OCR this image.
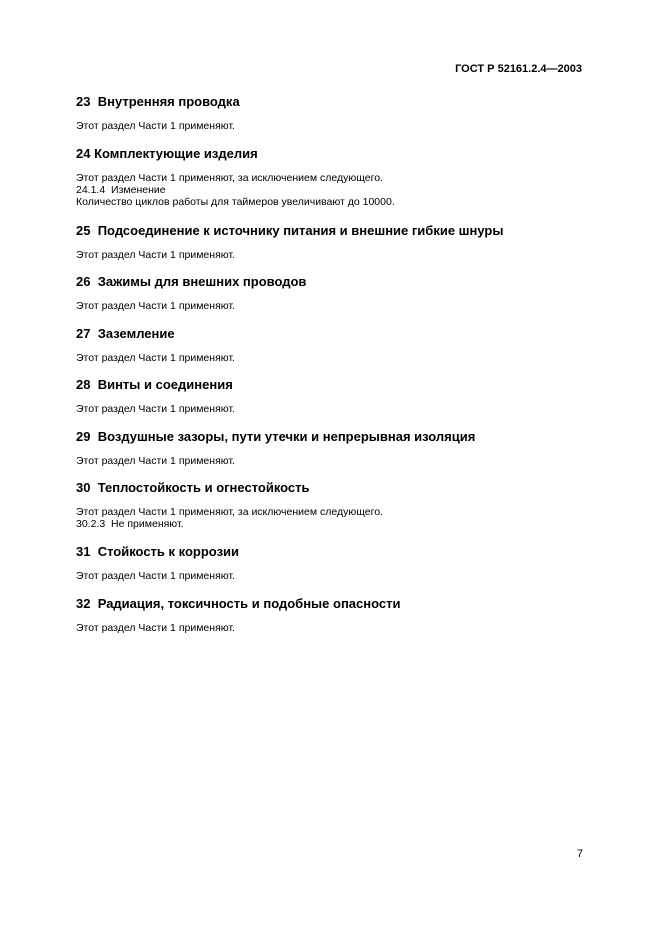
ГОСТ Р 52161.2.4—2003
23 Внутренняя проводка

Этот раздел Части 1 применяют.

24 Комплектующие изделия

Этот раздел Части 1 применяют, за исключением следующего.

24.1.4  Изменение

Количество циклов работы для таймеров увеличивают до 10000.

25 Подсоединение к источнику питания и внешние гибкие шнуры

Этот раздел Части 1 применяют.

26 Зажимы для внешних проводов

Этот раздел Части 1 применяют.

27 Заземление

Этот раздел Части 1 применяют.

28 Винты и соединения

Этот раздел Части 1 применяют.

29 Воздушные зазоры, пути утечки и непрерывная изоляция

Этот раздел Части 1 применяют.

30 Теплостойкость и огнестойкость

Этот раздел Части 1 применяют, за исключением следующего.

30.2.3  Не применяют.

31 Стойкость к коррозии

Этот раздел Части 1 применяют.

32 Радиация, токсичность и подобные опасности

Этот раздел Части 1 применяют.

7
